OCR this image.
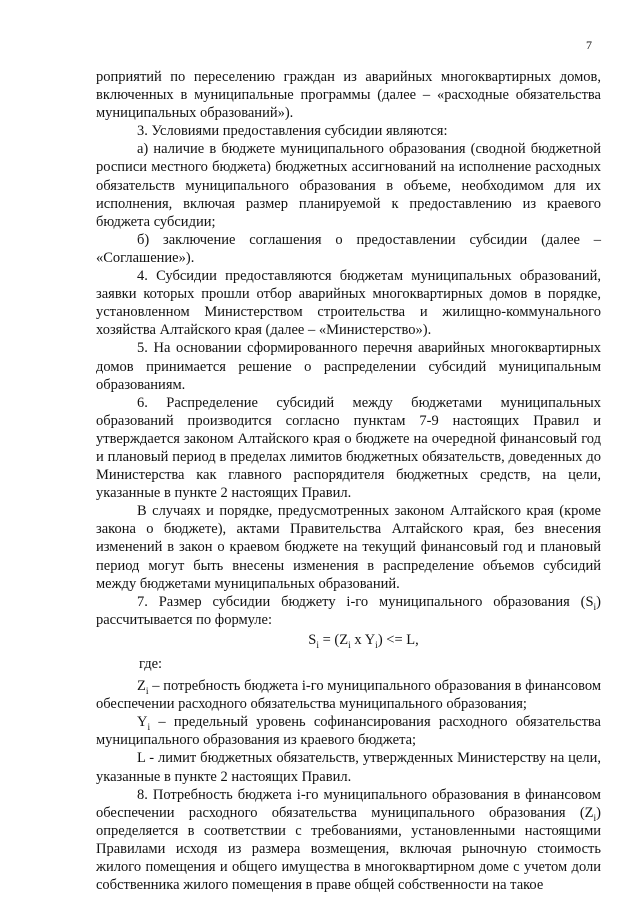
7

роприятий по переселению граждан из аварийных многоквартирных домов, включенных в муниципальные программы (далее – «расходные обязательства муниципальных образований»).

3. Условиями предоставления субсидии являются:

а) наличие в бюджете муниципального образования (сводной бюджетной росписи местного бюджета) бюджетных ассигнований на исполнение расходных обязательств муниципального образования в объеме, необходимом для их исполнения, включая размер планируемой к предоставлению из краевого бюджета субсидии;

б) заключение соглашения о предоставлении субсидии (далее – «Соглашение»).

4. Субсидии предоставляются бюджетам муниципальных образований, заявки которых прошли отбор аварийных многоквартирных домов в порядке, установленном Министерством строительства и жилищно-коммунального хозяйства Алтайского края (далее – «Министерство»).

5. На основании сформированного перечня аварийных многоквартирных домов принимается решение о распределении субсидий муниципальным образованиям.

6. Распределение субсидий между бюджетами муниципальных образований производится согласно пунктам 7-9 настоящих Правил и утверждается законом Алтайского края о бюджете на очередной финансовый год и плановый период в пределах лимитов бюджетных обязательств, доведенных до Министерства как главного распорядителя бюджетных средств, на цели, указанные в пункте 2 настоящих Правил.

В случаях и порядке, предусмотренных законом Алтайского края (кроме закона о бюджете), актами Правительства Алтайского края, без внесения изменений в закон о краевом бюджете на текущий финансовый год и плановый период могут быть внесены изменения в распределение объемов субсидий между бюджетами муниципальных образований.

7. Размер субсидии бюджету i-го муниципального образования $(S_i)$ рассчитывается по формуле:

$S_i = (Z_i$ x $Y_i) <= L$,

где:

$Z_i$ – потребность бюджета i-го муниципального образования в финансовом обеспечении расходного обязательства муниципального образования;

$Y_i$ – предельный уровень софинансирования расходного обязательства муниципального образования из краевого бюджета;

L - лимит бюджетных обязательств, утвержденных Министерству на цели, указанные в пункте 2 настоящих Правил.

8. Потребность бюджета i-го муниципального образования в финансовом обеспечении расходного обязательства муниципального образования $(Z_i)$ определяется в соответствии с требованиями, установленными настоящими Правилами исходя из размера возмещения, включая рыночную стоимость жилого помещения и общего имущества в многоквартирном доме с учетом доли собственника жилого помещения в праве общей собственности на такое
